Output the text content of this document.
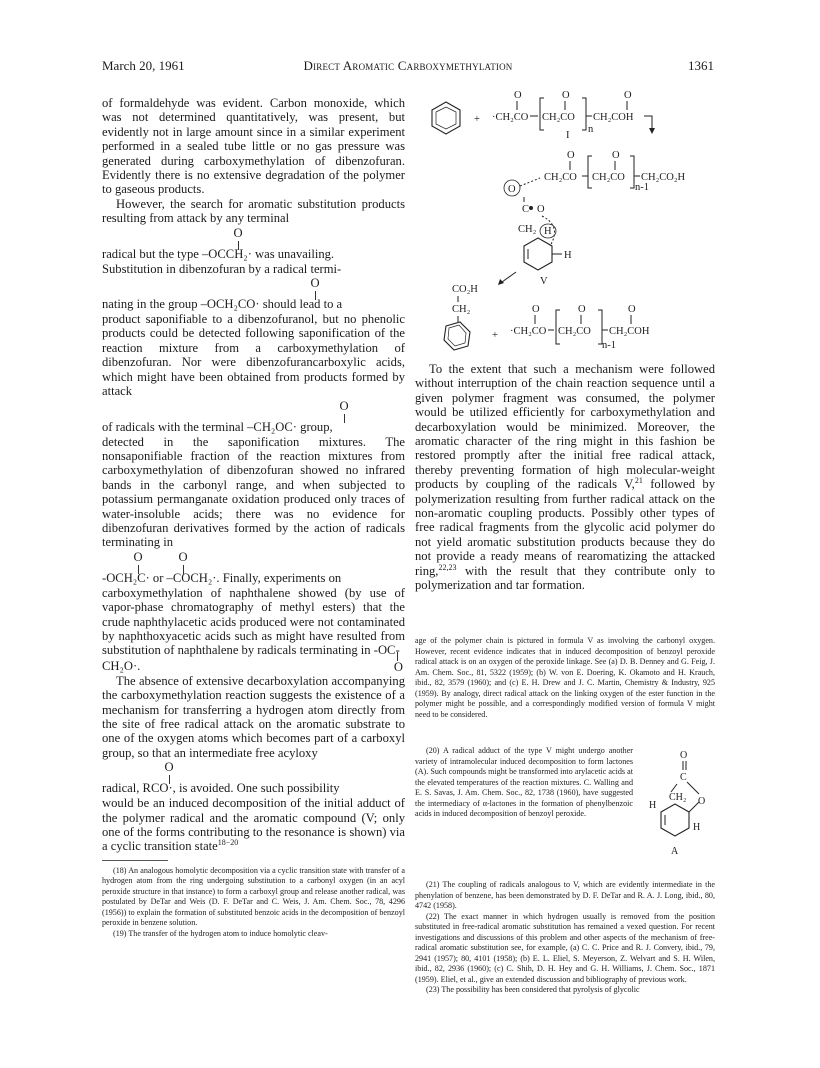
March 20, 1961	Direct Aromatic Carboxymethylation	1361

of formaldehyde was evident. Carbon monoxide, which was not determined quantitatively, was present, but evidently not in large amount since in a similar experiment performed in a sealed tube little or no gas pressure was generated during carboxymethylation of dibenzofuran. Evidently there is no extensive degradation of the polymer to gaseous products.

However, the search for aromatic substitution products resulting from attack by any terminal

O
radical but the type –OCCH₂· was unavailing.

Substitution in dibenzofuran by a radical termi-

O
nating in the group –OCH₂CO· should lead to a

product saponifiable to a dibenzofuranol, but no phenolic products could be detected following saponification of the reaction mixture from a carboxymethylation of dibenzofuran. Nor were dibenzofurancarboxylic acids, which might have been obtained from products formed by attack

O
of radicals with the terminal –CH₂OC· group,

detected in the saponification mixtures. The nonsaponifiable fraction of the reaction mixtures from carboxymethylation of dibenzofuran showed no infrared bands in the carbonyl range, and when subjected to potassium permanganate oxidation produced only traces of water-insoluble acids; there was no evidence for dibenzofuran derivatives formed by the action of radicals terminating in

O	O
-OCH₂C· or –COCH₂·. Finally, experiments on

carboxymethylation of naphthalene showed (by use of vapor-phase chromatography of methyl esters) that the crude naphthylacetic acids produced were not contaminated by naphthoxyacetic acids such as might have resulted from substitution of naphthalene by radicals terminating in -OC-

CH₂O·.	O

The absence of extensive decarboxylation accompanying the carboxymethylation reaction suggests the existence of a mechanism for transferring a hydrogen atom directly from the site of free radical attack on the aromatic substrate to one of the oxygen atoms which becomes part of a carboxyl group, so that an intermediate free acyloxy

O
radical, RCO·, is avoided. One such possibility

would be an induced decomposition of the initial adduct of the polymer radical and the aromatic compound (V; only one of the forms contributing to the resonance is shown) via a cyclic transition state$^{18-20}$

(18) An analogous homolytic decomposition via a cyclic transition state with transfer of a hydrogen atom from the ring undergoing substitution to a carbonyl oxygen (in an acyl peroxide structure in that instance) to form a carboxyl group and release another radical, was postulated by DeTar and Weis (D. F. DeTar and C. Weis, J. Am. Chem. Soc., 78, 4296 (1956)) to explain the formation of substituted benzoic acids in the decomposition of benzoyl peroxide in benzene solution.

(19) The transfer of the hydrogen atom to induce homolytic cleav-

+
O
·CH₂CO
O
CH₂CO
n
O
CH₂COH
I
O
CH₂CO
O
CH₂CO
n-1
CH₂CO₂H
O
C O
CH₂ H
H
V
CO₂H
CH₂
+
O
·CH₂CO
O
CH₂CO
n-1
O
CH₂COH

To the extent that such a mechanism were followed without interruption of the chain reaction sequence until a given polymer fragment was consumed, the polymer would be utilized efficiently for carboxymethylation and decarboxylation would be minimized. Moreover, the aromatic character of the ring might in this fashion be restored promptly after the initial free radical attack, thereby preventing formation of high molecular-weight products by coupling of the radicals V,$^{21}$ followed by polymerization resulting from further radical attack on the non-aromatic coupling products. Possibly other types of free radical fragments from the glycolic acid polymer do not yield aromatic substitution products because they do not provide a ready means of rearomatizing the attacked ring,$^{22,23}$ with the result that they contribute only to polymerization and tar formation.

age of the polymer chain is pictured in formula V as involving the carbonyl oxygen. However, recent evidence indicates that in induced decomposition of benzoyl peroxide radical attack is on an oxygen of the peroxide linkage. See (a) D. B. Denney and G. Feig, J. Am. Chem. Soc., 81, 5322 (1959); (b) W. von E. Doering, K. Okamoto and H. Krauch, ibid., 82, 3579 (1960); and (c) E. H. Drew and J. C. Martin, Chemistry & Industry, 925 (1959). By analogy, direct radical attack on the linking oxygen of the ester function in the polymer might be possible, and a correspondingly modified version of formula V might need to be considered.

(20) A radical adduct of the type V might undergo another variety of intramolecular induced decomposition to form lactones (A). Such compounds might be transformed into arylacetic acids at the elevated temperatures of the reaction mixtures. C. Walling and E. S. Savas, J. Am. Chem. Soc., 82, 1738 (1960), have suggested the intermediacy of α-lactones in the formation of phenylbenzoic acids in induced decomposition of benzoyl peroxide.

O
C
CH₂ O
H
H
A

(21) The coupling of radicals analogous to V, which are evidently intermediate in the phenylation of benzene, has been demonstrated by D. F. DeTar and R. A. J. Long, ibid., 80, 4742 (1958).

(22) The exact manner in which hydrogen usually is removed from the position substituted in free-radical aromatic substitution has remained a vexed question. For recent investigations and discussions of this problem and other aspects of the mechanism of free-radical aromatic substitution see, for example, (a) C. C. Price and R. J. Convery, ibid., 79, 2941 (1957); 80, 4101 (1958); (b) E. L. Eliel, S. Meyerson, Z. Welvart and S. H. Wilen, ibid., 82, 2936 (1960); (c) C. Shih, D. H. Hey and G. H. Williams, J. Chem. Soc., 1871 (1959). Eliel, et al., give an extended discussion and bibliography of previous work.

(23) The possibility has been considered that pyrolysis of glycolic
